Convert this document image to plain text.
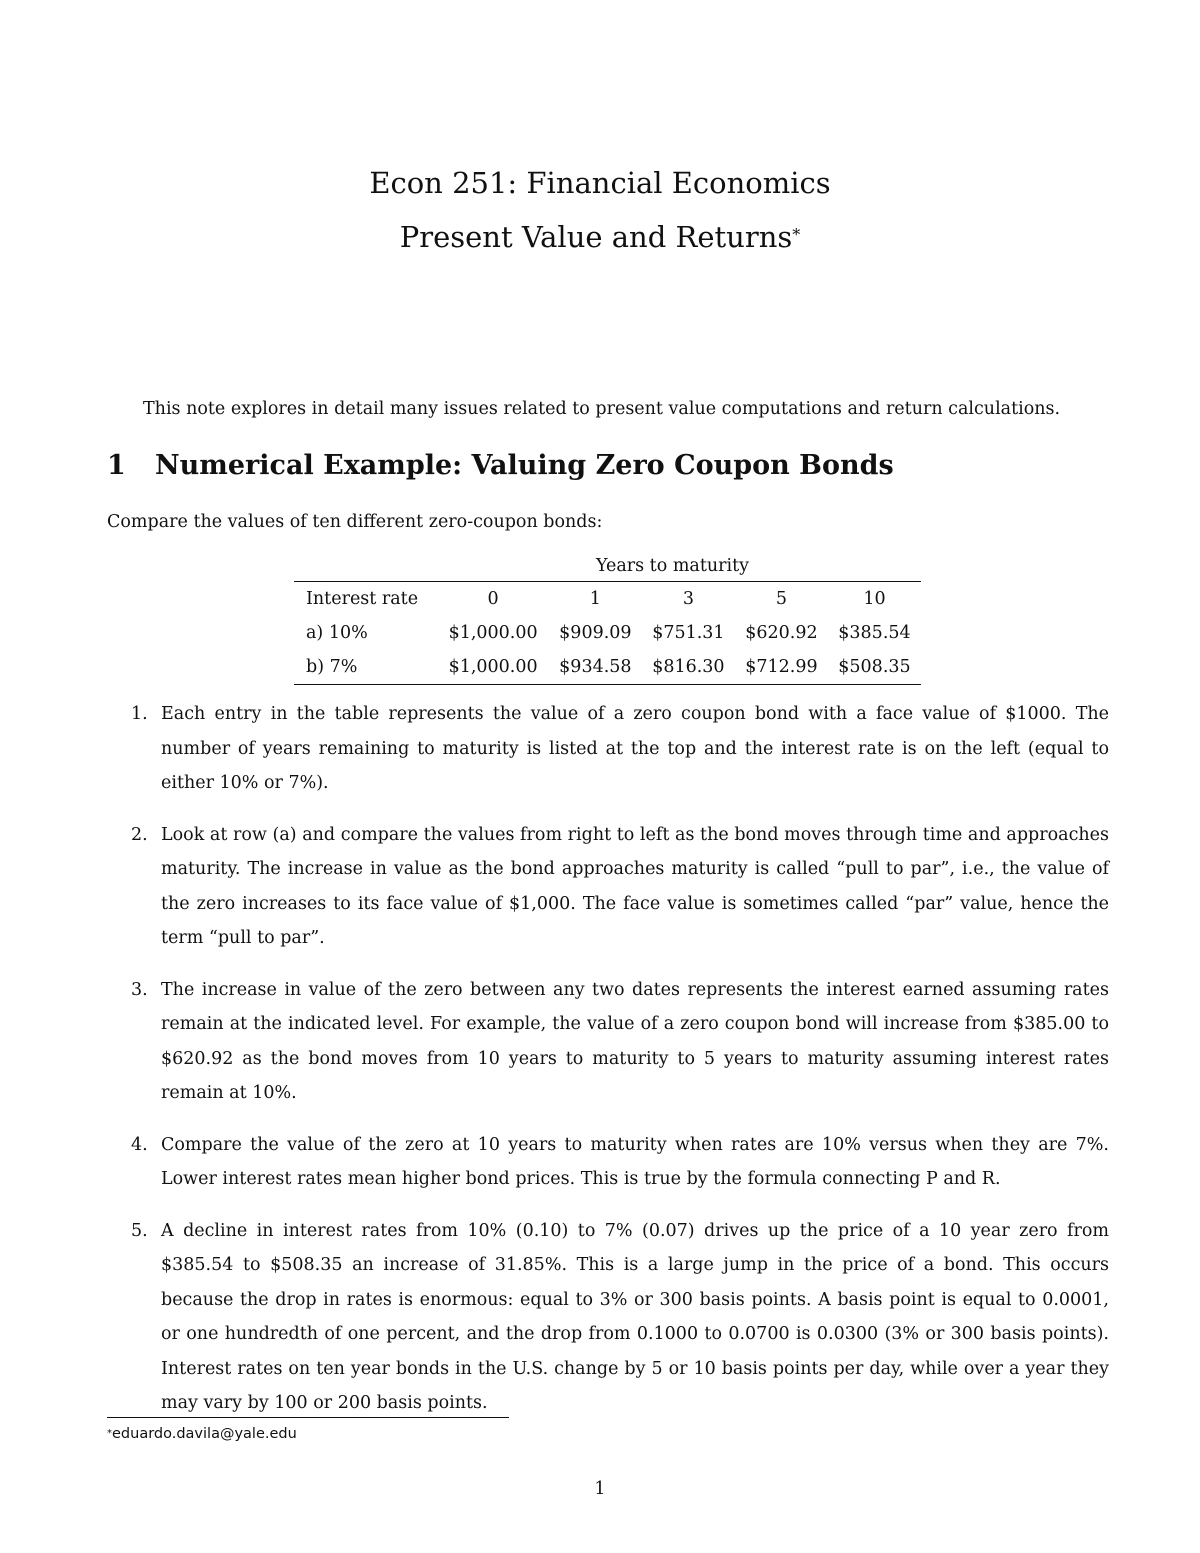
Econ 251: Financial Economics
Present Value and Returns*

This note explores in detail many issues related to present value computations and return calculations.

1 Numerical Example: Valuing Zero Coupon Bonds

Compare the values of ten different zero-coupon bonds:

Years to maturity
Interest rate	0	1	3	5	10
a) 10%	$1,000.00	$909.09	$751.31	$620.92	$385.54
b) 7%	$1,000.00	$934.58	$816.30	$712.99	$508.35
1. Each entry in the table represents the value of a zero coupon bond with a face value of $1000. The number of years remaining to maturity is listed at the top and the interest rate is on the left (equal to either 10% or 7%).
2. Look at row (a) and compare the values from right to left as the bond moves through time and approaches maturity. The increase in value as the bond approaches maturity is called “pull to par”, i.e., the value of the zero increases to its face value of $1,000. The face value is sometimes called “par” value, hence the term “pull to par”.
3. The increase in value of the zero between any two dates represents the interest earned assuming rates remain at the indicated level. For example, the value of a zero coupon bond will increase from $385.00 to $620.92 as the bond moves from 10 years to maturity to 5 years to maturity assuming interest rates remain at 10%.
4. Compare the value of the zero at 10 years to maturity when rates are 10% versus when they are 7%. Lower interest rates mean higher bond prices. This is true by the formula connecting P and R.
5. A decline in interest rates from 10% (0.10) to 7% (0.07) drives up the price of a 10 year zero from $385.54 to $508.35 an increase of 31.85%. This is a large jump in the price of a bond. This occurs because the drop in rates is enormous: equal to 3% or 300 basis points. A basis point is equal to 0.0001, or one hundredth of one percent, and the drop from 0.1000 to 0.0700 is 0.0300 (3% or 300 basis points). Interest rates on ten year bonds in the U.S. change by 5 or 10 basis points per day, while over a year they may vary by 100 or 200 basis points.
*eduardo.davila@yale.edu
1
